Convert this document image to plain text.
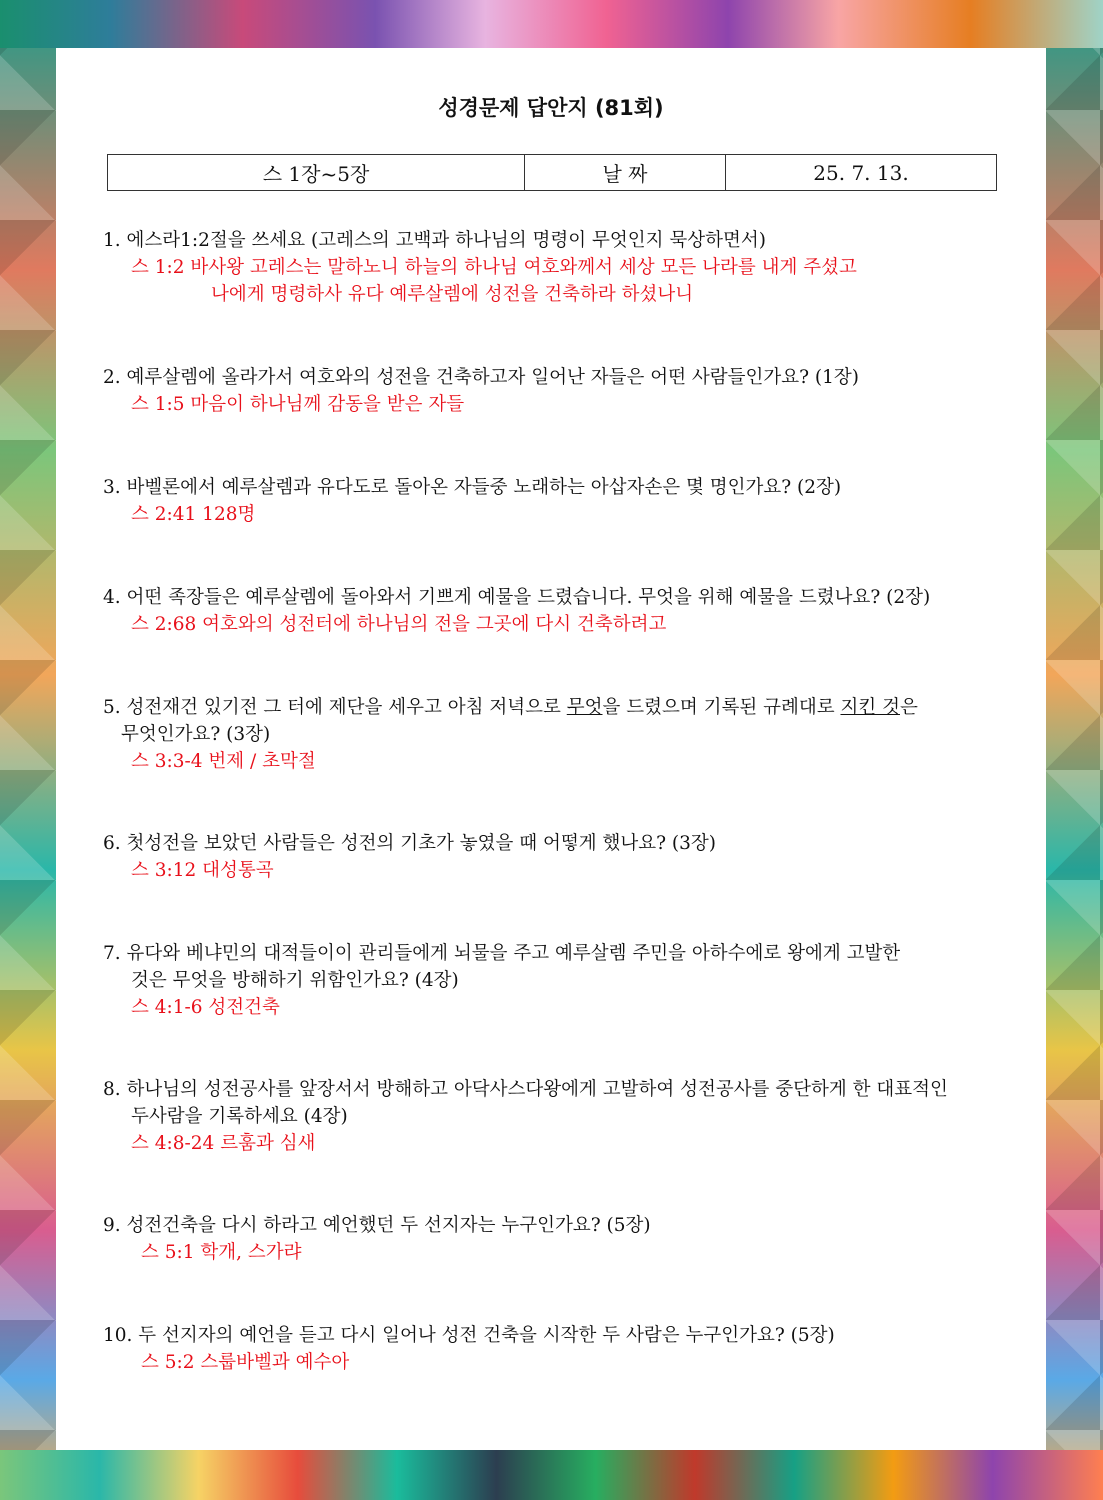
성경문제 답안지 (81회)
스 1장~5장	날 짜	25. 7. 13.
1. 에스라1:2절을 쓰세요 (고레스의 고백과 하나님의 명령이 무엇인지 묵상하면서)
스 1:2 바사왕 고레스는 말하노니 하늘의 하나님 여호와께서 세상 모든 나라를 내게 주셨고
나에게 명령하사 유다 예루살렘에 성전을 건축하라 하셨나니
2. 예루살렘에 올라가서 여호와의 성전을 건축하고자 일어난 자들은 어떤 사람들인가요? (1장)
스 1:5 마음이 하나님께 감동을 받은 자들
3. 바벨론에서 예루살렘과 유다도로 돌아온 자들중 노래하는 아삽자손은 몇 명인가요? (2장)
스 2:41 128명
4. 어떤 족장들은 예루살렘에 돌아와서 기쁘게 예물을 드렸습니다. 무엇을 위해 예물을 드렸나요? (2장)
스 2:68 여호와의 성전터에 하나님의 전을 그곳에 다시 건축하려고
5. 성전재건 있기전 그 터에 제단을 세우고 아침 저녁으로 무엇을 드렸으며 기록된 규례대로 지킨 것은
무엇인가요? (3장)
스 3:3-4 번제 / 초막절
6. 첫성전을 보았던 사람들은 성전의 기초가 놓였을 때 어떻게 했나요? (3장)
스 3:12 대성통곡
7. 유다와 베냐민의 대적들이이 관리들에게 뇌물을 주고 예루살렘 주민을 아하수에로 왕에게 고발한
것은 무엇을 방해하기 위함인가요? (4장)
스 4:1-6 성전건축
8. 하나님의 성전공사를 앞장서서 방해하고 아닥사스다왕에게 고발하여 성전공사를 중단하게 한 대표적인
두사람을 기록하세요 (4장)
스 4:8-24 르훔과 심새
9. 성전건축을 다시 하라고 예언했던 두 선지자는 누구인가요? (5장)
스 5:1 학개, 스가랴
10. 두 선지자의 예언을 듣고 다시 일어나 성전 건축을 시작한 두 사람은 누구인가요? (5장)
스 5:2 스룹바벨과 예수아
